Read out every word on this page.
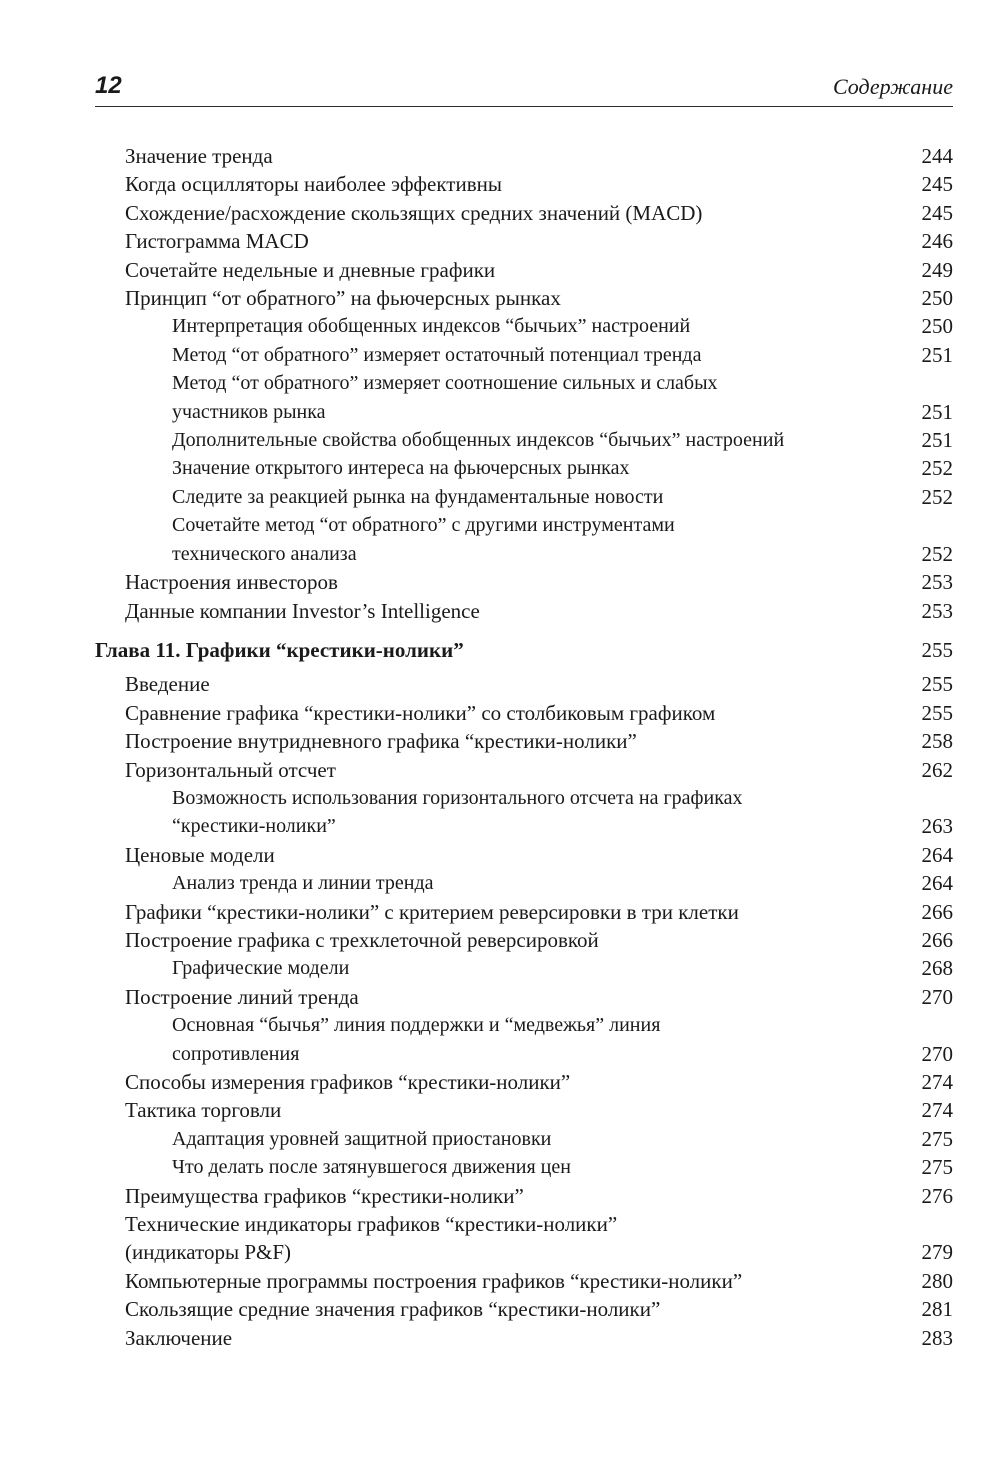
12	Содержание
Значение тренда	244
Когда осцилляторы наиболее эффективны	245
Схождение/расхождение скользящих средних значений (MACD)	245
Гистограмма MACD	246
Сочетайте недельные и дневные графики	249
Принцип “от обратного” на фьючерсных рынках	250
Интерпретация обобщенных индексов “бычьих” настроений	250
Метод “от обратного” измеряет остаточный потенциал тренда	251
Метод “от обратного” измеряет соотношение сильных и слабых
участников рынка	251
Дополнительные свойства обобщенных индексов “бычьих” настроений	251
Значение открытого интереса на фьючерсных рынках	252
Следите за реакцией рынка на фундаментальные новости	252
Сочетайте метод “от обратного” с другими инструментами
технического анализа	252
Настроения инвесторов	253
Данные компании Investor’s Intelligence	253
Глава 11. Графики “крестики-нолики”	255
Введение	255
Сравнение графика “крестики-нолики” со столбиковым графиком	255
Построение внутридневного графика “крестики-нолики”	258
Горизонтальный отсчет	262
Возможность использования горизонтального отсчета на графиках
“крестики-нолики”	263
Ценовые модели	264
Анализ тренда и линии тренда	264
Графики “крестики-нолики” с критерием реверсировки в три клетки	266
Построение графика с трехклеточной реверсировкой	266
Графические модели	268
Построение линий тренда	270
Основная “бычья” линия поддержки и “медвежья” линия
сопротивления	270
Способы измерения графиков “крестики-нолики”	274
Тактика торговли	274
Адаптация уровней защитной приостановки	275
Что делать после затянувшегося движения цен	275
Преимущества графиков “крестики-нолики”	276
Технические индикаторы графиков “крестики-нолики”
(индикаторы P&F)	279
Компьютерные программы построения графиков “крестики-нолики”	280
Скользящие средние значения графиков “крестики-нолики”	281
Заключение	283
